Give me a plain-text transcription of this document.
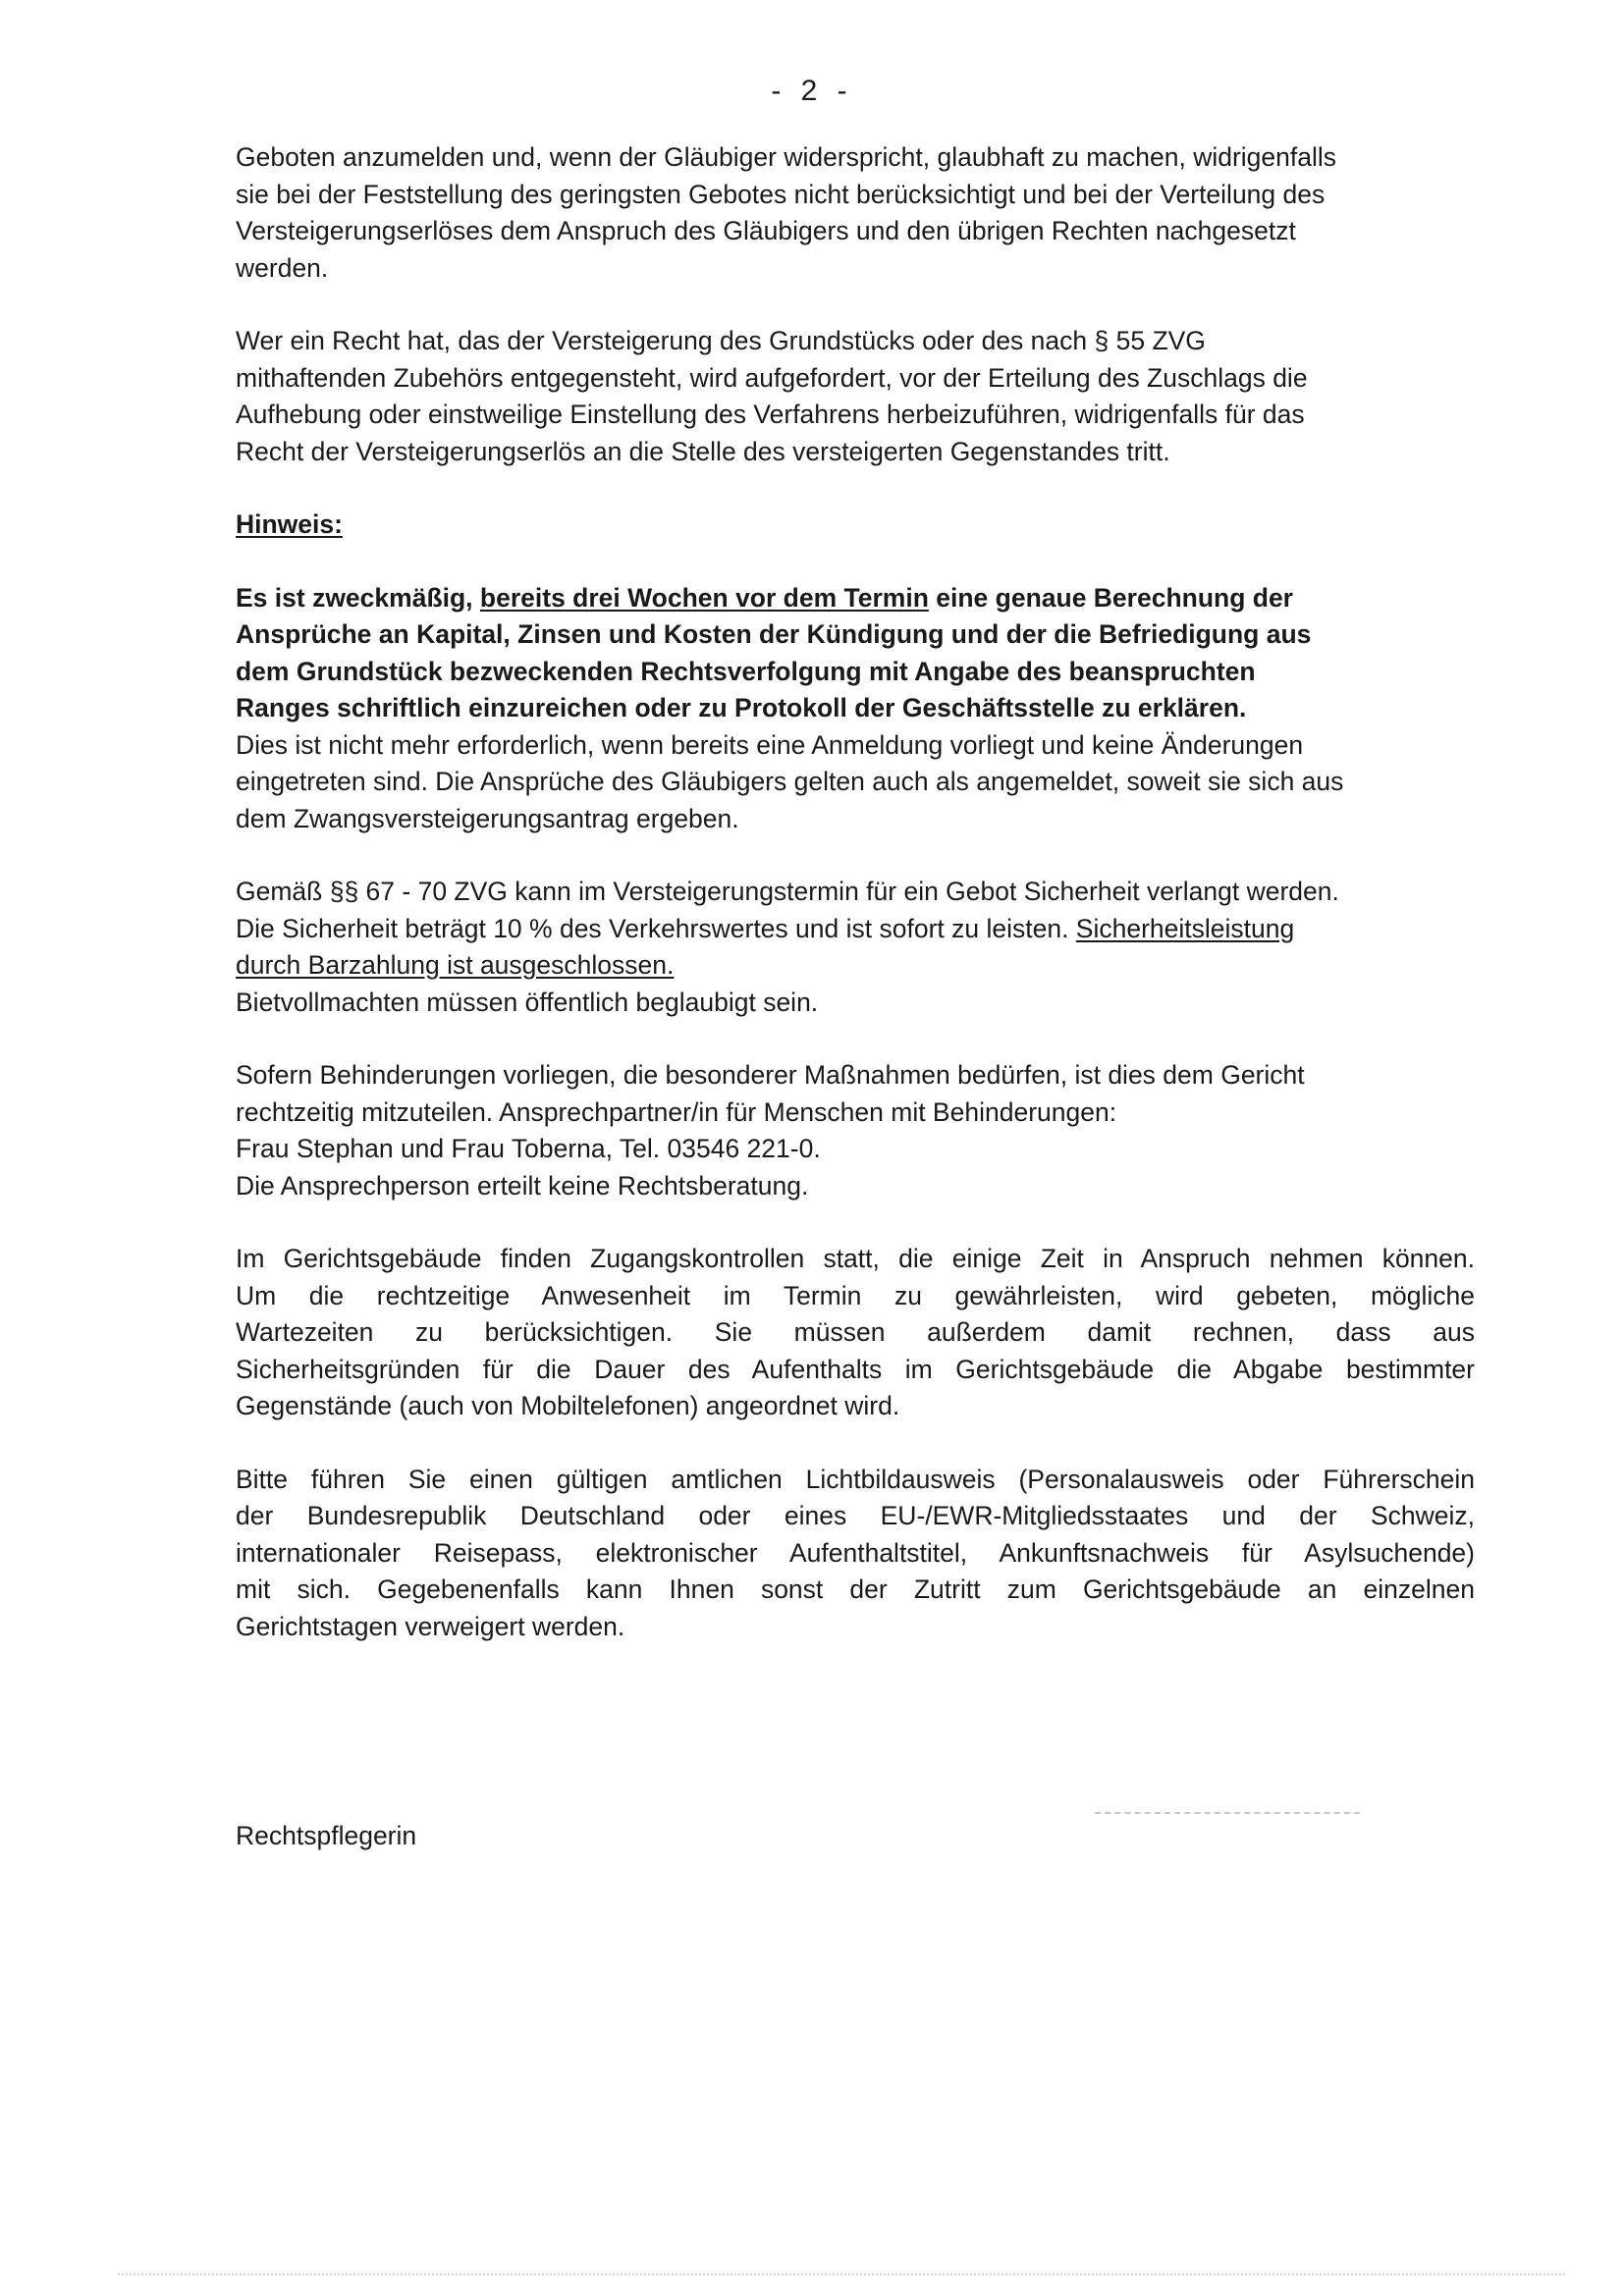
- 2 -

Geboten anzumelden und, wenn der Gläubiger widerspricht, glaubhaft zu machen, widrigenfalls

sie bei der Feststellung des geringsten Gebotes nicht berücksichtigt und bei der Verteilung des

Versteigerungserlöses dem Anspruch des Gläubigers und den übrigen Rechten nachgesetzt

werden.

Wer ein Recht hat, das der Versteigerung des Grundstücks oder des nach § 55 ZVG

mithaftenden Zubehörs entgegensteht, wird aufgefordert, vor der Erteilung des Zuschlags die

Aufhebung oder einstweilige Einstellung des Verfahrens herbeizuführen, widrigenfalls für das

Recht der Versteigerungserlös an die Stelle des versteigerten Gegenstandes tritt.

Hinweis:

Es ist zweckmäßig, bereits drei Wochen vor dem Termin eine genaue Berechnung der

Ansprüche an Kapital, Zinsen und Kosten der Kündigung und der die Befriedigung aus

dem Grundstück bezweckenden Rechtsverfolgung mit Angabe des beanspruchten

Ranges schriftlich einzureichen oder zu Protokoll der Geschäftsstelle zu erklären.

Dies ist nicht mehr erforderlich, wenn bereits eine Anmeldung vorliegt und keine Änderungen

eingetreten sind. Die Ansprüche des Gläubigers gelten auch als angemeldet, soweit sie sich aus

dem Zwangsversteigerungsantrag ergeben.

Gemäß §§ 67 - 70 ZVG kann im Versteigerungstermin für ein Gebot Sicherheit verlangt werden.

Die Sicherheit beträgt 10 % des Verkehrswertes und ist sofort zu leisten. Sicherheitsleistung

durch Barzahlung ist ausgeschlossen.

Bietvollmachten müssen öffentlich beglaubigt sein.

Sofern Behinderungen vorliegen, die besonderer Maßnahmen bedürfen, ist dies dem Gericht

rechtzeitig mitzuteilen. Ansprechpartner/in für Menschen mit Behinderungen:

Frau Stephan und Frau Toberna, Tel. 03546 221-0.

Die Ansprechperson erteilt keine Rechtsberatung.

Im Gerichtsgebäude finden Zugangskontrollen statt, die einige Zeit in Anspruch nehmen können.

Um die rechtzeitige Anwesenheit im Termin zu gewährleisten, wird gebeten, mögliche

Wartezeiten zu berücksichtigen. Sie müssen außerdem damit rechnen, dass aus

Sicherheitsgründen für die Dauer des Aufenthalts im Gerichtsgebäude die Abgabe bestimmter

Gegenstände (auch von Mobiltelefonen) angeordnet wird.

Bitte führen Sie einen gültigen amtlichen Lichtbildausweis (Personalausweis oder Führerschein

der Bundesrepublik Deutschland oder eines EU-/EWR-Mitgliedsstaates und der Schweiz,

internationaler Reisepass, elektronischer Aufenthaltstitel, Ankunftsnachweis für Asylsuchende)

mit sich. Gegebenenfalls kann Ihnen sonst der Zutritt zum Gerichtsgebäude an einzelnen

Gerichtstagen verweigert werden.

Rechtspflegerin
